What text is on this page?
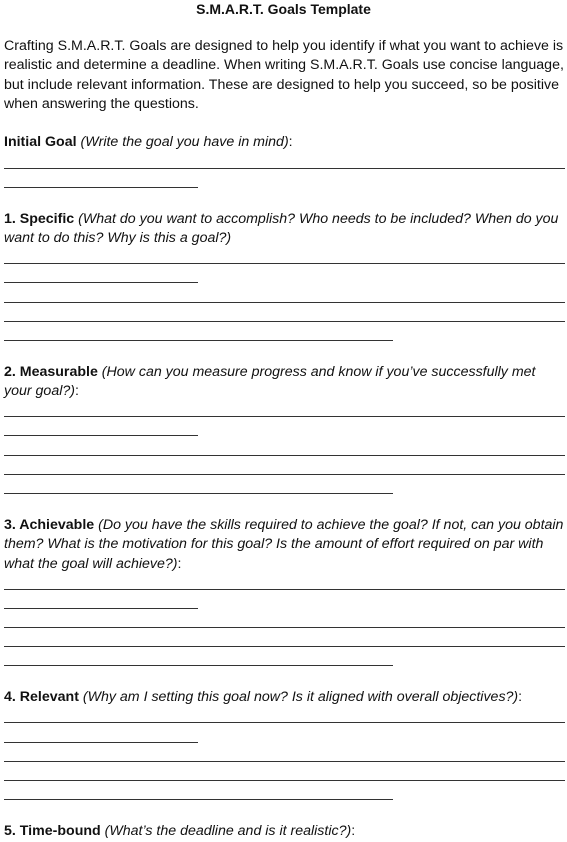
S.M.A.R.T. Goals Template
Crafting S.M.A.R.T. Goals are designed to help you identify if what you want to achieve is realistic and determine a deadline. When writing S.M.A.R.T. Goals use concise language, but include relevant information. These are designed to help you succeed, so be positive when answering the questions.
Initial Goal (Write the goal you have in mind):
1. Specific (What do you want to accomplish? Who needs to be included? When do you want to do this? Why is this a goal?)
2. Measurable (How can you measure progress and know if you’ve successfully met your goal?):
3. Achievable (Do you have the skills required to achieve the goal? If not, can you obtain them? What is the motivation for this goal? Is the amount of effort required on par with what the goal will achieve?):
4. Relevant (Why am I setting this goal now? Is it aligned with overall objectives?):
5. Time-bound (What’s the deadline and is it realistic?):
